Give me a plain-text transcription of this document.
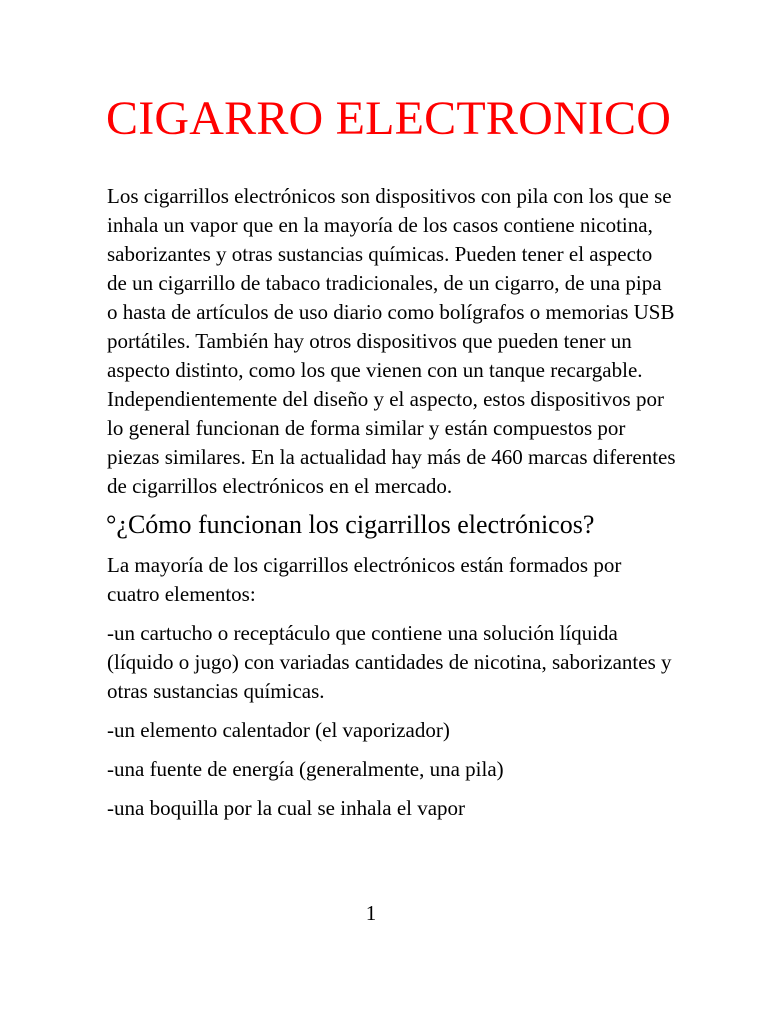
CIGARRO ELECTRONICO

Los cigarrillos electrónicos son dispositivos con pila con los que se inhala un vapor que en la mayoría de los casos contiene nicotina, saborizantes y otras sustancias químicas. Pueden tener el aspecto de un cigarrillo de tabaco tradicionales, de un cigarro, de una pipa o hasta de artículos de uso diario como bolígrafos o memorias USB portátiles. También hay otros dispositivos que pueden tener un aspecto distinto, como los que vienen con un tanque recargable. Independientemente del diseño y el aspecto, estos dispositivos por lo general funcionan de forma similar y están compuestos por piezas similares. En la actualidad hay más de 460 marcas diferentes de cigarrillos electrónicos en el mercado.

°¿Cómo funcionan los cigarrillos electrónicos?

La mayoría de los cigarrillos electrónicos están formados por cuatro elementos:

-un cartucho o receptáculo que contiene una solución líquida (líquido o jugo) con variadas cantidades de nicotina, saborizantes y otras sustancias químicas.

-un elemento calentador (el vaporizador)

-una fuente de energía (generalmente, una pila)

-una boquilla por la cual se inhala el vapor

1
